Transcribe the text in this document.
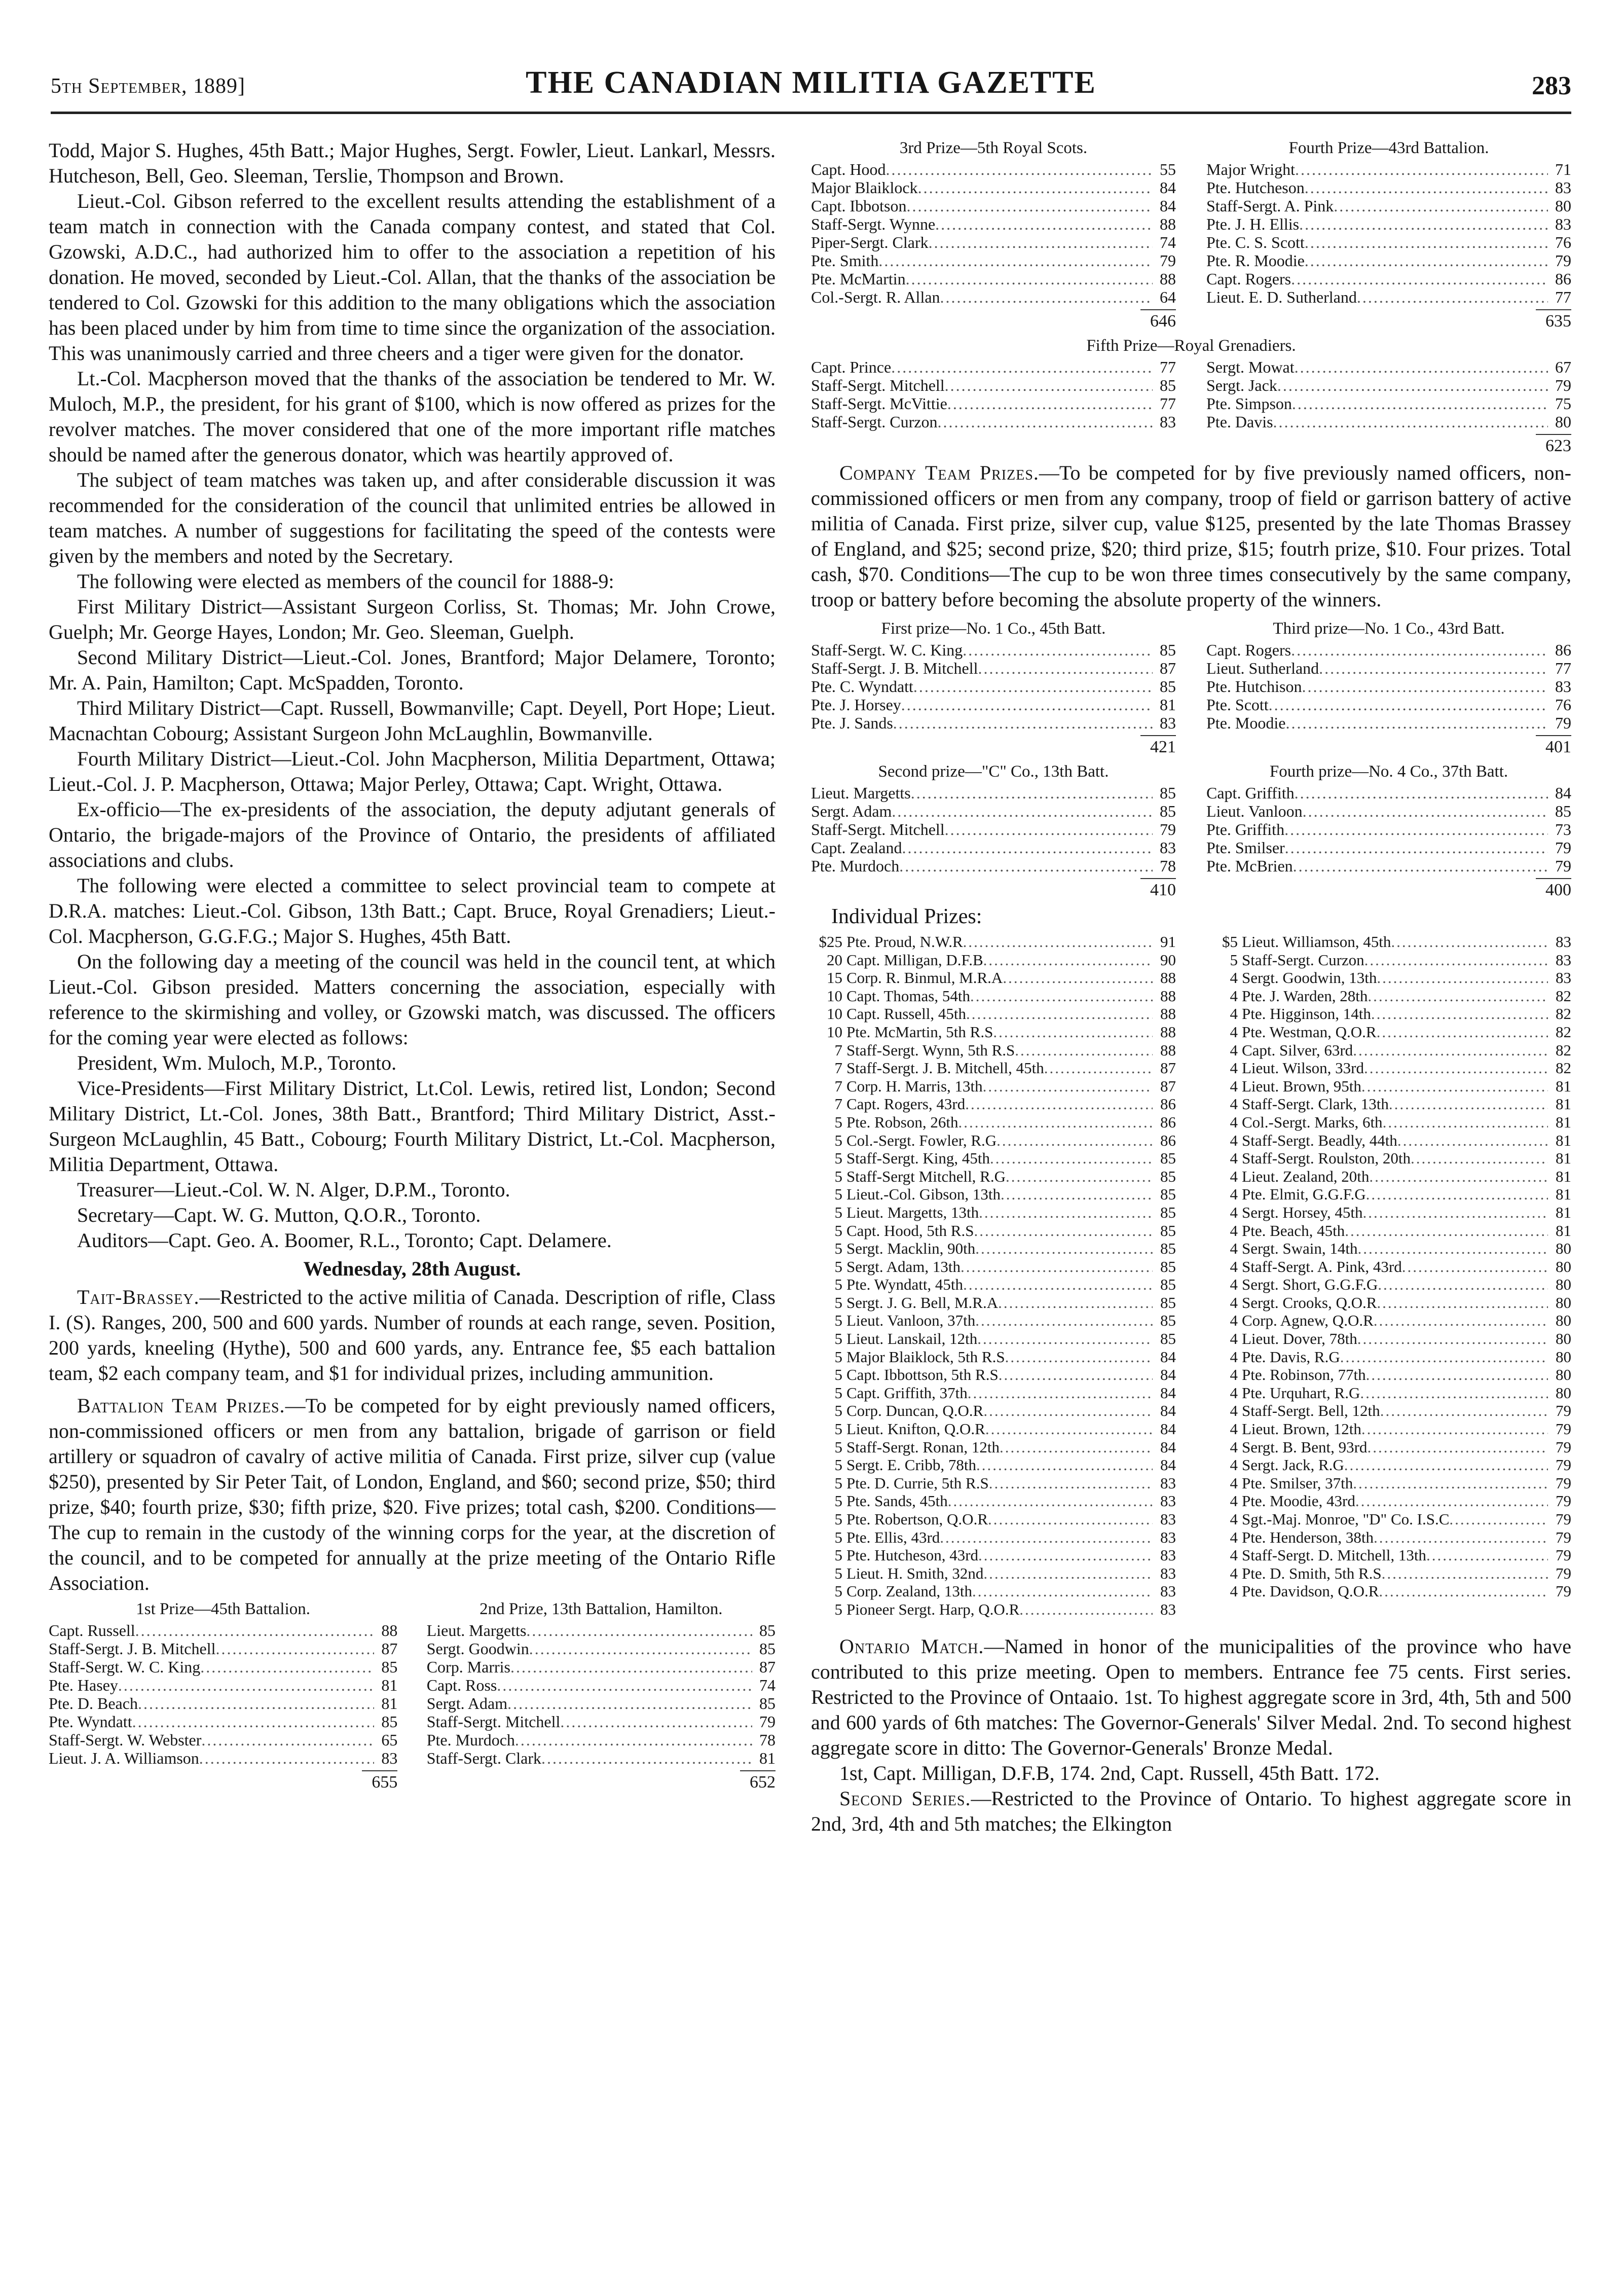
5th September, 1889]	THE CANADIAN MILITIA GAZETTE	283

Todd, Major S. Hughes, 45th Batt.; Major Hughes, Sergt. Fowler, Lieut. Lankarl, Messrs. Hutcheson, Bell, Geo. Sleeman, Terslie, Thompson and Brown.

Lieut.-Col. Gibson referred to the excellent results attending the establishment of a team match in connection with the Canada company contest, and stated that Col. Gzowski, A.D.C., had authorized him to offer to the association a repetition of his donation. He moved, seconded by Lieut.-Col. Allan, that the thanks of the association be tendered to Col. Gzowski for this addition to the many obligations which the association has been placed under by him from time to time since the organization of the association. This was unanimously carried and three cheers and a tiger were given for the donator.

Lt.-Col. Macpherson moved that the thanks of the association be tendered to Mr. W. Muloch, M.P., the president, for his grant of $100, which is now offered as prizes for the revolver matches. The mover considered that one of the more important rifle matches should be named after the generous donator, which was heartily approved of.

The subject of team matches was taken up, and after considerable discussion it was recommended for the consideration of the council that unlimited entries be allowed in team matches. A number of suggestions for facilitating the speed of the contests were given by the members and noted by the Secretary.

The following were elected as members of the council for 1888-9:

First Military District—Assistant Surgeon Corliss, St. Thomas; Mr. John Crowe, Guelph; Mr. George Hayes, London; Mr. Geo. Sleeman, Guelph.

Second Military District—Lieut.-Col. Jones, Brantford; Major Delamere, Toronto; Mr. A. Pain, Hamilton; Capt. McSpadden, Toronto.

Third Military District—Capt. Russell, Bowmanville; Capt. Deyell, Port Hope; Lieut. Macnachtan Cobourg; Assistant Surgeon John McLaughlin, Bowmanville.

Fourth Military District—Lieut.-Col. John Macpherson, Militia Department, Ottawa; Lieut.-Col. J. P. Macpherson, Ottawa; Major Perley, Ottawa; Capt. Wright, Ottawa.

Ex-officio—The ex-presidents of the association, the deputy adjutant generals of Ontario, the brigade-majors of the Province of Ontario, the presidents of affiliated associations and clubs.

The following were elected a committee to select provincial team to compete at D.R.A. matches: Lieut.-Col. Gibson, 13th Batt.; Capt. Bruce, Royal Grenadiers; Lieut.-Col. Macpherson, G.G.F.G.; Major S. Hughes, 45th Batt.

On the following day a meeting of the council was held in the council tent, at which Lieut.-Col. Gibson presided. Matters concerning the association, especially with reference to the skirmishing and volley, or Gzowski match, was discussed. The officers for the coming year were elected as follows:

President, Wm. Muloch, M.P., Toronto.

Vice-Presidents—First Military District, Lt.Col. Lewis, retired list, London; Second Military District, Lt.-Col. Jones, 38th Batt., Brantford; Third Military District, Asst.-Surgeon McLaughlin, 45 Batt., Cobourg; Fourth Military District, Lt.-Col. Macpherson, Militia Department, Ottawa.

Treasurer—Lieut.-Col. W. N. Alger, D.P.M., Toronto.

Secretary—Capt. W. G. Mutton, Q.O.R., Toronto.

Auditors—Capt. Geo. A. Boomer, R.L., Toronto; Capt. Delamere.

Wednesday, 28th August.

Tait-Brassey.—Restricted to the active militia of Canada. Description of rifle, Class I. (S). Ranges, 200, 500 and 600 yards. Number of rounds at each range, seven. Position, 200 yards, kneeling (Hythe), 500 and 600 yards, any. Entrance fee, $5 each battalion team, $2 each company team, and $1 for individual prizes, including ammunition.

Battalion Team Prizes.—To be competed for by eight previously named officers, non-commissioned officers or men from any battalion, brigade of garrison or field artillery or squadron of cavalry of active militia of Canada. First prize, silver cup (value $250), presented by Sir Peter Tait, of London, England, and $60; second prize, $50; third prize, $40; fourth prize, $30; fifth prize, $20. Five prizes; total cash, $200. Conditions—The cup to remain in the custody of the winning corps for the year, at the discretion of the council, and to be competed for annually at the prize meeting of the Ontario Rifle Association.

1st Prize—45th Battalion.
Capt. Russell .....	88
Staff-Sergt. J. B. Mitchell .....	87
Staff-Sergt. W. C. King .....	85
Pte. Hasey .....	81
Pte. D. Beach .....	81
Pte. Wyndatt .....	85
Staff-Sergt. W. Webster .....	65
Lieut. J. A. Williamson .....	83
2nd Prize, 13th Battalion, Hamilton.
Lieut. Margetts .....	85
Sergt. Goodwin .....	85
Corp. Marris .....	87
Capt. Ross .....	74
Sergt. Adam .....	85
Staff-Sergt. Mitchell .....	79
Pte. Murdoch .....	78
Staff-Sergt. Clark .....	81
655	652
3rd Prize—5th Royal Scots.
Capt. Hood .....	55
Major Blaiklock .....	84
Capt. Ibbotson .....	84
Staff-Sergt. Wynne .....	88
Piper-Sergt. Clark .....	74
Pte. Smith .....	79
Pte. McMartin .....	88
Col.-Sergt. R. Allan .....	64
Fourth Prize—43rd Battalion.
Major Wright .....	71
Pte. Hutcheson .....	83
Staff-Sergt. A. Pink .....	80
Pte. J. H. Ellis .....	83
Pte. C. S. Scott .....	76
Pte. R. Moodie .....	79
Capt. Rogers .....	86
Lieut. E. D. Sutherland .....	77
646	635
Fifth Prize—Royal Grenadiers.
Capt. Prince .....	77
Staff-Sergt. Mitchell .....	85
Staff-Sergt. McVittie .....	77
Staff-Sergt. Curzon .....	83
Sergt. Mowat .....	67
Sergt. Jack .....	79
Pte. Simpson .....	75
Pte. Davis .....	80
623

Company Team Prizes.—To be competed for by five previously named officers, non-commissioned officers or men from any company, troop of field or garrison battery of active militia of Canada. First prize, silver cup, value $125, presented by the late Thomas Brassey of England, and $25; second prize, $20; third prize, $15; foutrh prize, $10. Four prizes. Total cash, $70. Conditions—The cup to be won three times consecutively by the same company, troop or battery before becoming the absolute property of the winners.

First prize—No. 1 Co., 45th Batt.
Staff-Sergt. W. C. King .....	85
Staff-Sergt. J. B. Mitchell .....	87
Pte. C. Wyndatt .....	85
Pte. J. Horsey .....	81
Pte. J. Sands .....	83
Third prize—No. 1 Co., 43rd Batt.
Capt. Rogers .....	86
Lieut. Sutherland .....	77
Pte. Hutchison .....	83
Pte. Scott .....	76
Pte. Moodie .....	79
421	401
Second prize—"C" Co., 13th Batt.
Lieut. Margetts .....	85
Sergt. Adam .....	85
Staff-Sergt. Mitchell .....	79
Capt. Zealand .....	83
Pte. Murdoch .....	78
Fourth prize—No. 4 Co., 37th Batt.
Capt. Griffith .....	84
Lieut. Vanloon .....	85
Pte. Griffith .....	73
Pte. Smilser .....	79
Pte. McBrien .....	79
410	400
Individual Prizes:
$25 Pte. Proud, N.W.R .....	91
20 Capt. Milligan, D.F.B .....	90
15 Corp. R. Binmul, M.R.A .....	88
10 Capt. Thomas, 54th .....	88
10 Capt. Russell, 45th .....	88
10 Pte. McMartin, 5th R.S .....	88
7 Staff-Sergt. Wynn, 5th R.S .....	88
7 Staff-Sergt. J. B. Mitchell, 45th .....	87
7 Corp. H. Marris, 13th .....	87
7 Capt. Rogers, 43rd .....	86
5 Pte. Robson, 26th .....	86
5 Col.-Sergt. Fowler, R.G .....	86
5 Staff-Sergt. King, 45th .....	85
5 Staff-Sergt Mitchell, R.G .....	85
5 Lieut.-Col. Gibson, 13th .....	85
5 Lieut. Margetts, 13th .....	85
5 Capt. Hood, 5th R.S .....	85
5 Sergt. Macklin, 90th .....	85
5 Sergt. Adam, 13th .....	85
5 Pte. Wyndatt, 45th .....	85
5 Sergt. J. G. Bell, M.R.A .....	85
5 Lieut. Vanloon, 37th .....	85
5 Lieut. Lanskail, 12th .....	85
5 Major Blaiklock, 5th R.S .....	84
5 Capt. Ibbottson, 5th R.S .....	84
5 Capt. Griffith, 37th .....	84
5 Corp. Duncan, Q.O.R .....	84
5 Lieut. Knifton, Q.O.R .....	84
5 Staff-Sergt. Ronan, 12th .....	84
5 Sergt. E. Cribb, 78th .....	84
5 Pte. D. Currie, 5th R.S .....	83
5 Pte. Sands, 45th .....	83
5 Pte. Robertson, Q.O.R .....	83
5 Pte. Ellis, 43rd .....	83
5 Pte. Hutcheson, 43rd .....	83
5 Lieut. H. Smith, 32nd .....	83
5 Corp. Zealand, 13th .....	83
5 Pioneer Sergt. Harp, Q.O.R .....	83
$5 Lieut. Williamson, 45th .....	83
5 Staff-Sergt. Curzon .....	83
4 Sergt. Goodwin, 13th .....	83
4 Pte. J. Warden, 28th .....	82
4 Pte. Higginson, 14th .....	82
4 Pte. Westman, Q.O.R .....	82
4 Capt. Silver, 63rd .....	82
4 Lieut. Wilson, 33rd .....	82
4 Lieut. Brown, 95th .....	81
4 Staff-Sergt. Clark, 13th .....	81
4 Col.-Sergt. Marks, 6th .....	81
4 Staff-Sergt. Beadly, 44th .....	81
4 Staff-Sergt. Roulston, 20th .....	81
4 Lieut. Zealand, 20th .....	81
4 Pte. Elmit, G.G.F.G .....	81
4 Sergt. Horsey, 45th .....	81
4 Pte. Beach, 45th .....	81
4 Sergt. Swain, 14th .....	80
4 Staff-Sergt. A. Pink, 43rd .....	80
4 Sergt. Short, G.G.F.G .....	80
4 Sergt. Crooks, Q.O.R .....	80
4 Corp. Agnew, Q.O.R .....	80
4 Lieut. Dover, 78th .....	80
4 Pte. Davis, R.G .....	80
4 Pte. Robinson, 77th .....	80
4 Pte. Urquhart, R.G .....	80
4 Staff-Sergt. Bell, 12th .....	79
4 Lieut. Brown, 12th .....	79
4 Sergt. B. Bent, 93rd .....	79
4 Sergt. Jack, R.G .....	79
4 Pte. Smilser, 37th .....	79
4 Pte. Moodie, 43rd .....	79
4 Sgt.-Maj. Monroe, "D" Co. I.S.C .....	79
4 Pte. Henderson, 38th .....	79
4 Staff-Sergt. D. Mitchell, 13th .....	79
4 Pte. D. Smith, 5th R.S .....	79
4 Pte. Davidson, Q.O.R .....	79

Ontario Match.—Named in honor of the municipalities of the province who have contributed to this prize meeting. Open to members. Entrance fee 75 cents. First series. Restricted to the Province of Ontaaio. 1st. To highest aggregate score in 3rd, 4th, 5th and 500 and 600 yards of 6th matches: The Governor-Generals' Silver Medal. 2nd. To second highest aggregate score in ditto: The Governor-Generals' Bronze Medal.

1st, Capt. Milligan, D.F.B, 174. 2nd, Capt. Russell, 45th Batt. 172.

Second Series.—Restricted to the Province of Ontario. To highest aggregate score in 2nd, 3rd, 4th and 5th matches; the Elkington
